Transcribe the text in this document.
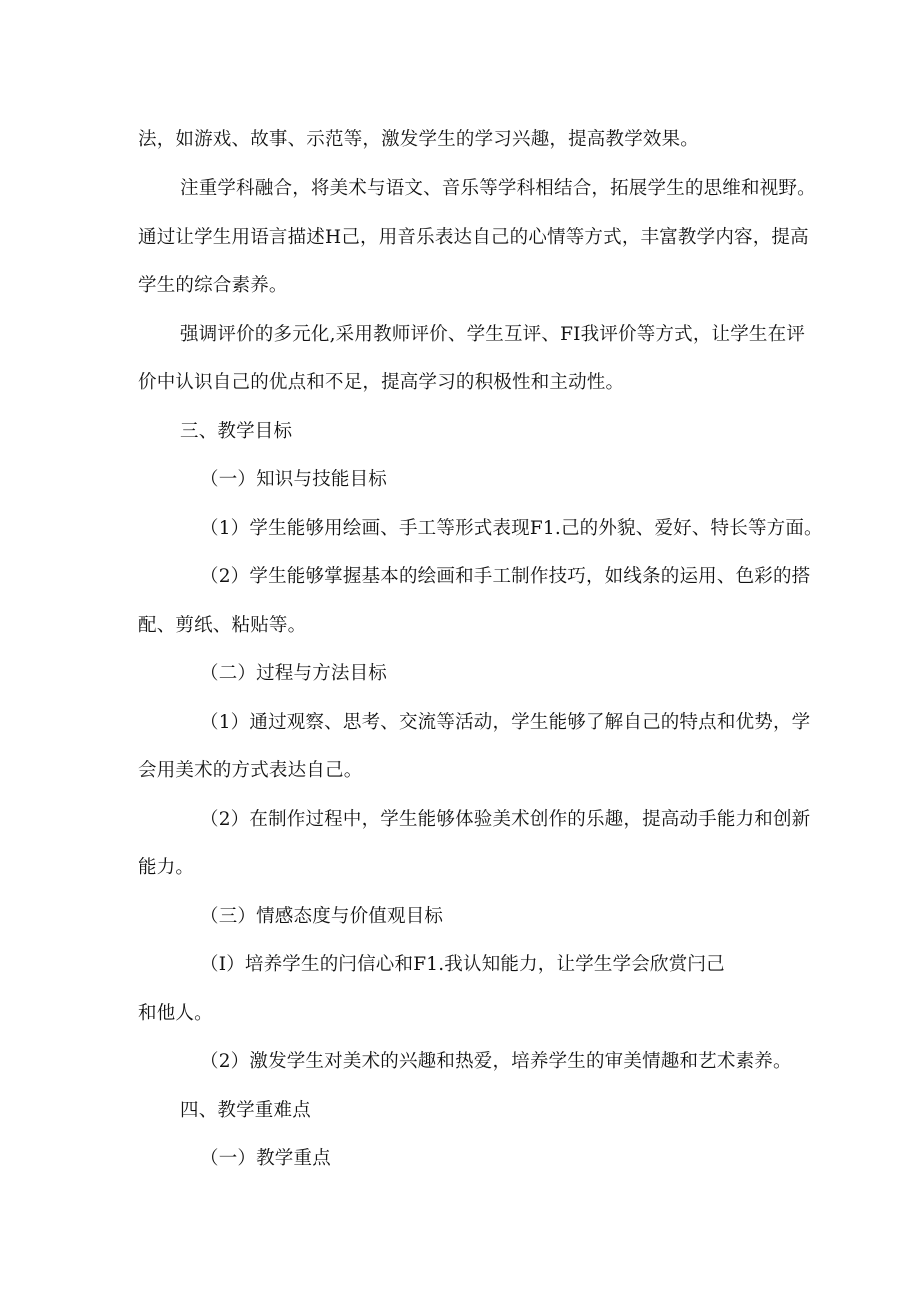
法，如游戏、故事、示范等，激发学生的学习兴趣，提高教学效果。
注重学科融合，将美术与语文、音乐等学科相结合，拓展学生的思维和视野。
通过让学生用语言描述H己，用音乐表达自己的心情等方式，丰富教学内容，提高
学生的综合素养。
强调评价的多元化,采用教师评价、学生互评、FI我评价等方式，让学生在评
价中认识自己的优点和不足，提高学习的积极性和主动性。
三、教学目标
（一）知识与技能目标
（1）学生能够用绘画、手工等形式表现F1.己的外貌、爱好、特长等方面。
（2）学生能够掌握基本的绘画和手工制作技巧，如线条的运用、色彩的搭
配、剪纸、粘贴等。
（二）过程与方法目标
（1）通过观察、思考、交流等活动，学生能够了解自己的特点和优势，学
会用美术的方式表达自己。
（2）在制作过程中，学生能够体验美术创作的乐趣，提高动手能力和创新
能力。
（三）情感态度与价值观目标
（I）培养学生的闩信心和F1.我认知能力，让学生学会欣赏闩己
和他人。
（2）激发学生对美术的兴趣和热爱，培养学生的审美情趣和艺术素养。
四、教学重难点
（一）教学重点
